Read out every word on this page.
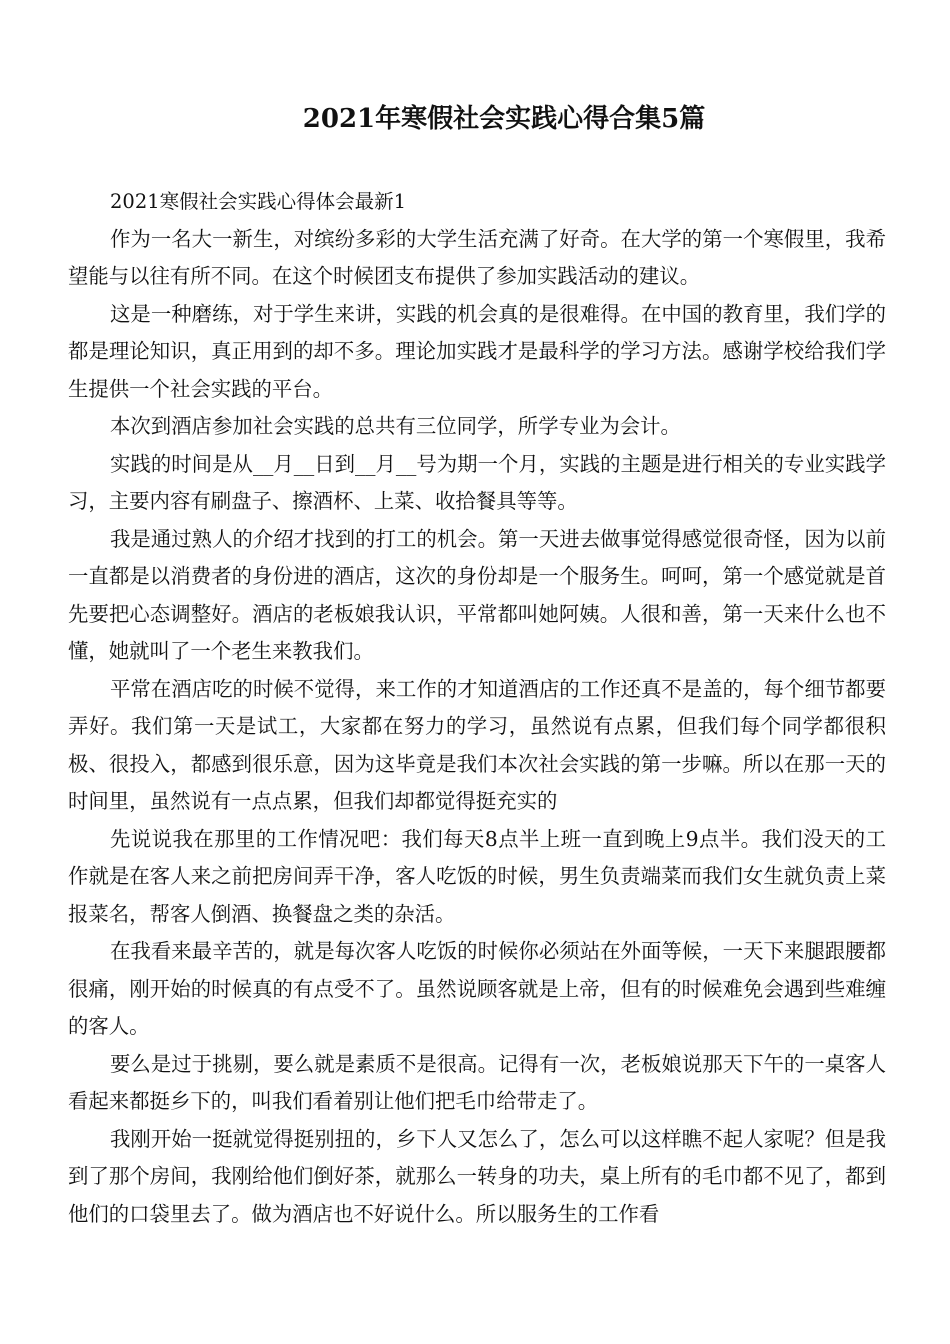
2021年寒假社会实践心得合集5篇

2021寒假社会实践心得体会最新1

作为一名大一新生，对缤纷多彩的大学生活充满了好奇。在大学的第一个寒假里，我希望能与以往有所不同。在这个时候团支布提供了参加实践活动的建议。

这是一种磨练，对于学生来讲，实践的机会真的是很难得。在中国的教育里，我们学的都是理论知识，真正用到的却不多。理论加实践才是最科学的学习方法。感谢学校给我们学生提供一个社会实践的平台。

本次到酒店参加社会实践的总共有三位同学，所学专业为会计。

实践的时间是从__月__日到__月__号为期一个月，实践的主题是进行相关的专业实践学习，主要内容有刷盘子、擦酒杯、上菜、收拾餐具等等。

我是通过熟人的介绍才找到的打工的机会。第一天进去做事觉得感觉很奇怪，因为以前一直都是以消费者的身份进的酒店，这次的身份却是一个服务生。呵呵，第一个感觉就是首先要把心态调整好。酒店的老板娘我认识，平常都叫她阿姨。人很和善，第一天来什么也不懂，她就叫了一个老生来教我们。

平常在酒店吃的时候不觉得，来工作的才知道酒店的工作还真不是盖的，每个细节都要弄好。我们第一天是试工，大家都在努力的学习，虽然说有点累，但我们每个同学都很积极、很投入，都感到很乐意，因为这毕竟是我们本次社会实践的第一步嘛。所以在那一天的时间里，虽然说有一点点累，但我们却都觉得挺充实的

先说说我在那里的工作情况吧：我们每天8点半上班一直到晚上9点半。我们没天的工作就是在客人来之前把房间弄干净，客人吃饭的时候，男生负责端菜而我们女生就负责上菜报菜名，帮客人倒酒、换餐盘之类的杂活。

在我看来最辛苦的，就是每次客人吃饭的时候你必须站在外面等候，一天下来腿跟腰都很痛，刚开始的时候真的有点受不了。虽然说顾客就是上帝，但有的时候难免会遇到些难缠的客人。

要么是过于挑剔，要么就是素质不是很高。记得有一次，老板娘说那天下午的一桌客人看起来都挺乡下的，叫我们看着别让他们把毛巾给带走了。

我刚开始一挺就觉得挺别扭的，乡下人又怎么了，怎么可以这样瞧不起人家呢？但是我到了那个房间，我刚给他们倒好茶，就那么一转身的功夫，桌上所有的毛巾都不见了，都到他们的口袋里去了。做为酒店也不好说什么。所以服务生的工作看
